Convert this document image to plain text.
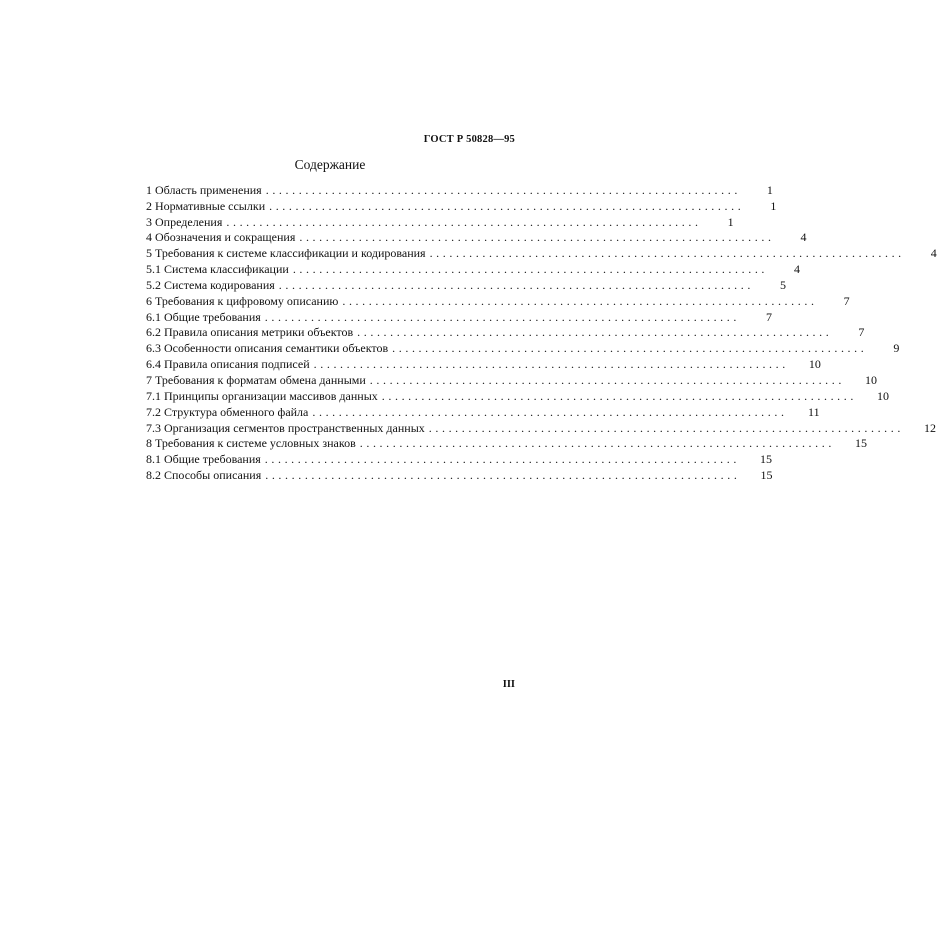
ГОСТ Р 50828—95
Содержание
1 Область применения ........................................................................	1
2 Нормативные ссылки ........................................................................	1
3 Определения ........................................................................	1
4 Обозначения и сокращения ........................................................................	4
5 Требования к системе классификации и кодирования ........................................................................	4
5.1 Система классификации ........................................................................	4
5.2 Система кодирования ........................................................................	5
6 Требования к цифровому описанию ........................................................................	7
6.1 Общие требования ........................................................................	7
6.2 Правила описания метрики объектов ........................................................................	7
6.3 Особенности описания семантики объектов ........................................................................	9
6.4 Правила описания подписей ........................................................................	10
7 Требования к форматам обмена данными ........................................................................	10
7.1 Принципы организации массивов данных ........................................................................	10
7.2 Структура обменного файла ........................................................................	11
7.3 Организация сегментов пространственных данных ........................................................................	12
8 Требования к системе условных знаков ........................................................................	15
8.1 Общие требования ........................................................................	15
8.2 Способы описания ........................................................................	15
III
